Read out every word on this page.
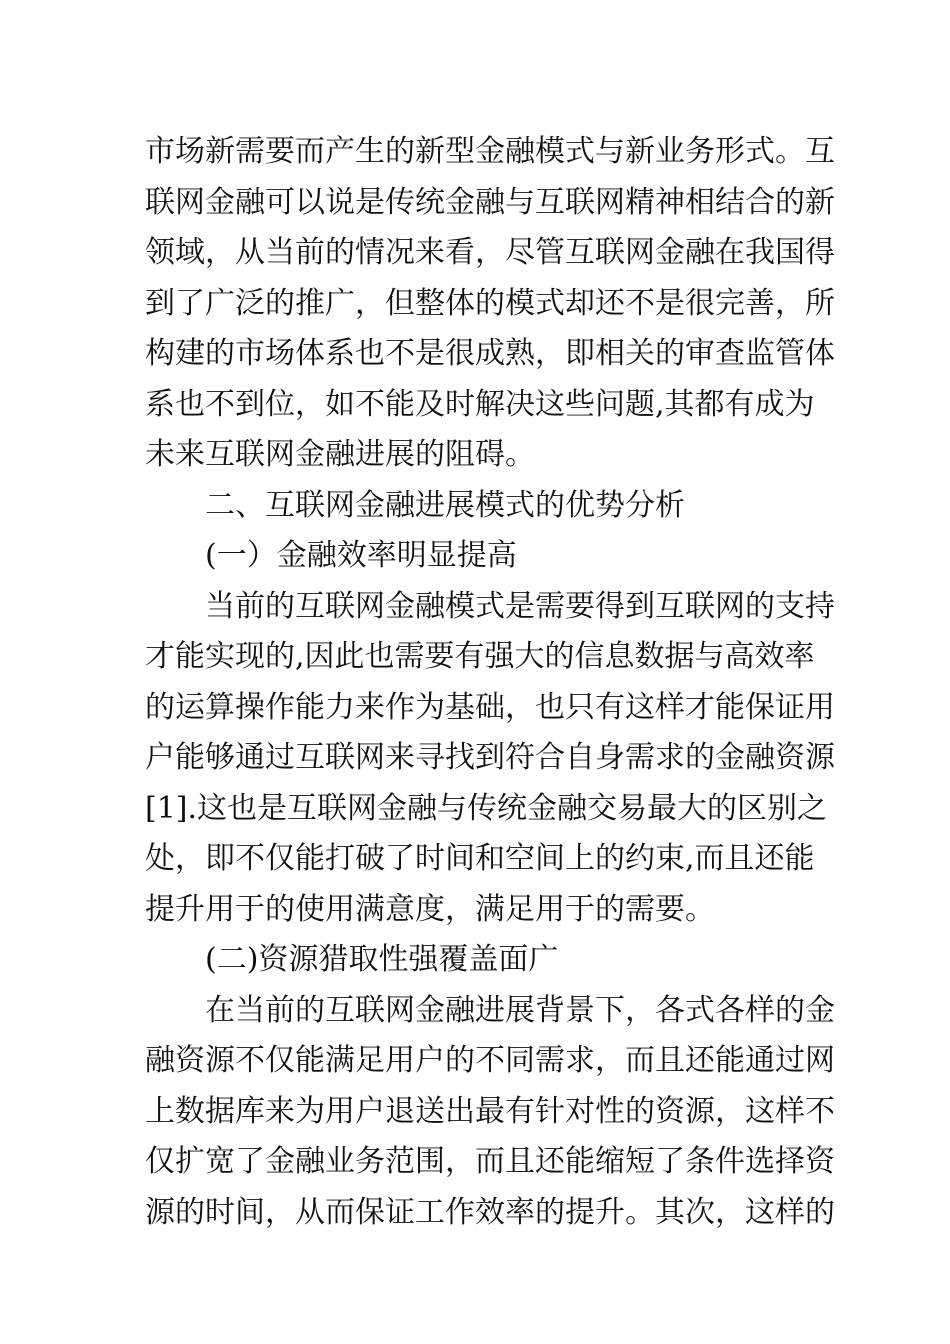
市场新需要而产生的新型金融模式与新业务形式。互
联网金融可以说是传统金融与互联网精神相结合的新
领域，从当前的情况来看，尽管互联网金融在我国得
到了广泛的推广，但整体的模式却还不是很完善，所
构建的市场体系也不是很成熟，即相关的审查监管体
系也不到位，如不能及时解决这些问题,其都有成为
未来互联网金融进展的阻碍。
二、互联网金融进展模式的优势分析
(一）金融效率明显提高
当前的互联网金融模式是需要得到互联网的支持
才能实现的,因此也需要有强大的信息数据与高效率
的运算操作能力来作为基础，也只有这样才能保证用
户能够通过互联网来寻找到符合自身需求的金融资源
[1].这也是互联网金融与传统金融交易最大的区别之
处，即不仅能打破了时间和空间上的约束,而且还能
提升用于的使用满意度，满足用于的需要。
(二)资源猎取性强覆盖面广
在当前的互联网金融进展背景下，各式各样的金
融资源不仅能满足用户的不同需求，而且还能通过网
上数据库来为用户退送出最有针对性的资源，这样不
仅扩宽了金融业务范围，而且还能缩短了条件选择资
源的时间，从而保证工作效率的提升。其次，这样的
